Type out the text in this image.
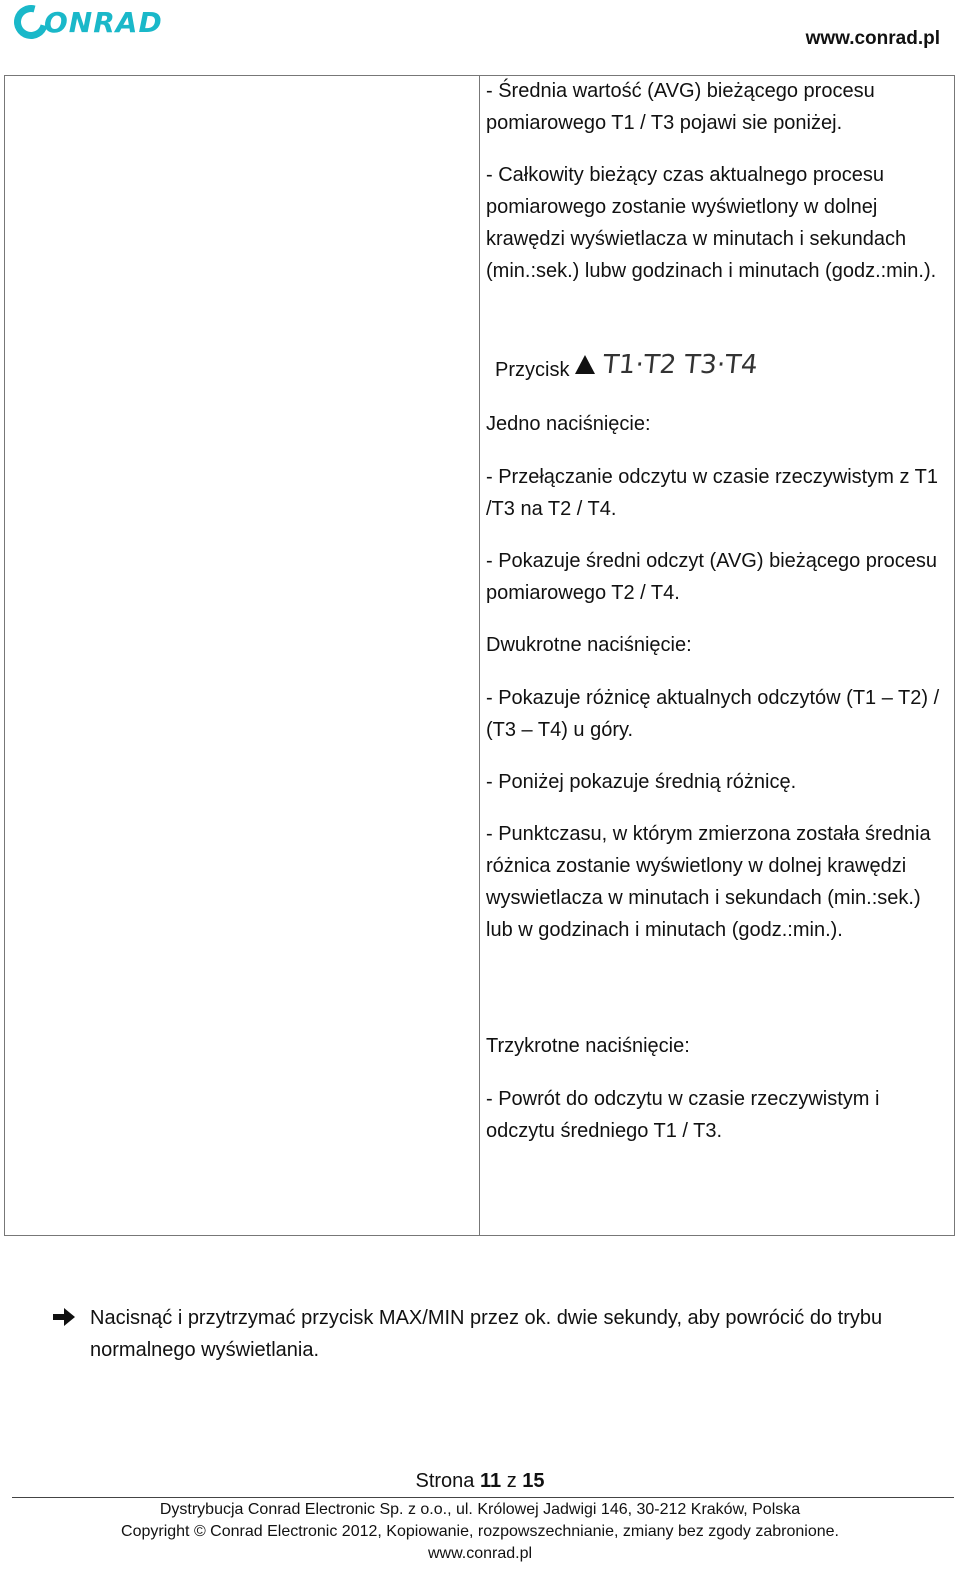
ONRAD	www.conrad.pl
- Średnia wartość (AVG) bieżącego procesu pomiarowego T1 / T3 pojawi sie poniżej.
- Całkowity bieżący czas aktualnego procesu pomiarowego zostanie wyświetlony w dolnej krawędzi wyświetlacza w minutach i sekundach (min.:sek.) lubw godzinach i minutach (godz.:min.).
Przycisk T1·T2 T3·T4
Jedno naciśnięcie:
- Przełączanie odczytu w czasie rzeczywistym z T1 /T3 na T2 / T4.
- Pokazuje średni odczyt (AVG) bieżącego procesu pomiarowego T2 / T4.
Dwukrotne naciśnięcie:
- Pokazuje różnicę aktualnych odczytów (T1 – T2) / (T3 – T4) u góry.
- Poniżej pokazuje średnią różnicę.
- Punktczasu, w którym zmierzona została średnia różnica zostanie wyświetlony w dolnej krawędzi wyswietlacza w minutach i sekundach (min.:sek.) lub w godzinach i minutach (godz.:min.).
Trzykrotne naciśnięcie:
- Powrót do odczytu w czasie rzeczywistym i odczytu średniego T1 / T3.
Nacisnąć i przytrzymać przycisk MAX/MIN przez ok. dwie sekundy, aby powrócić do trybu normalnego wyświetlania.
Strona 11 z 15
Dystrybucja Conrad Electronic Sp. z o.o., ul. Królowej Jadwigi 146, 30-212 Kraków, Polska
Copyright © Conrad Electronic 2012, Kopiowanie, rozpowszechnianie, zmiany bez zgody zabronione.
www.conrad.pl
